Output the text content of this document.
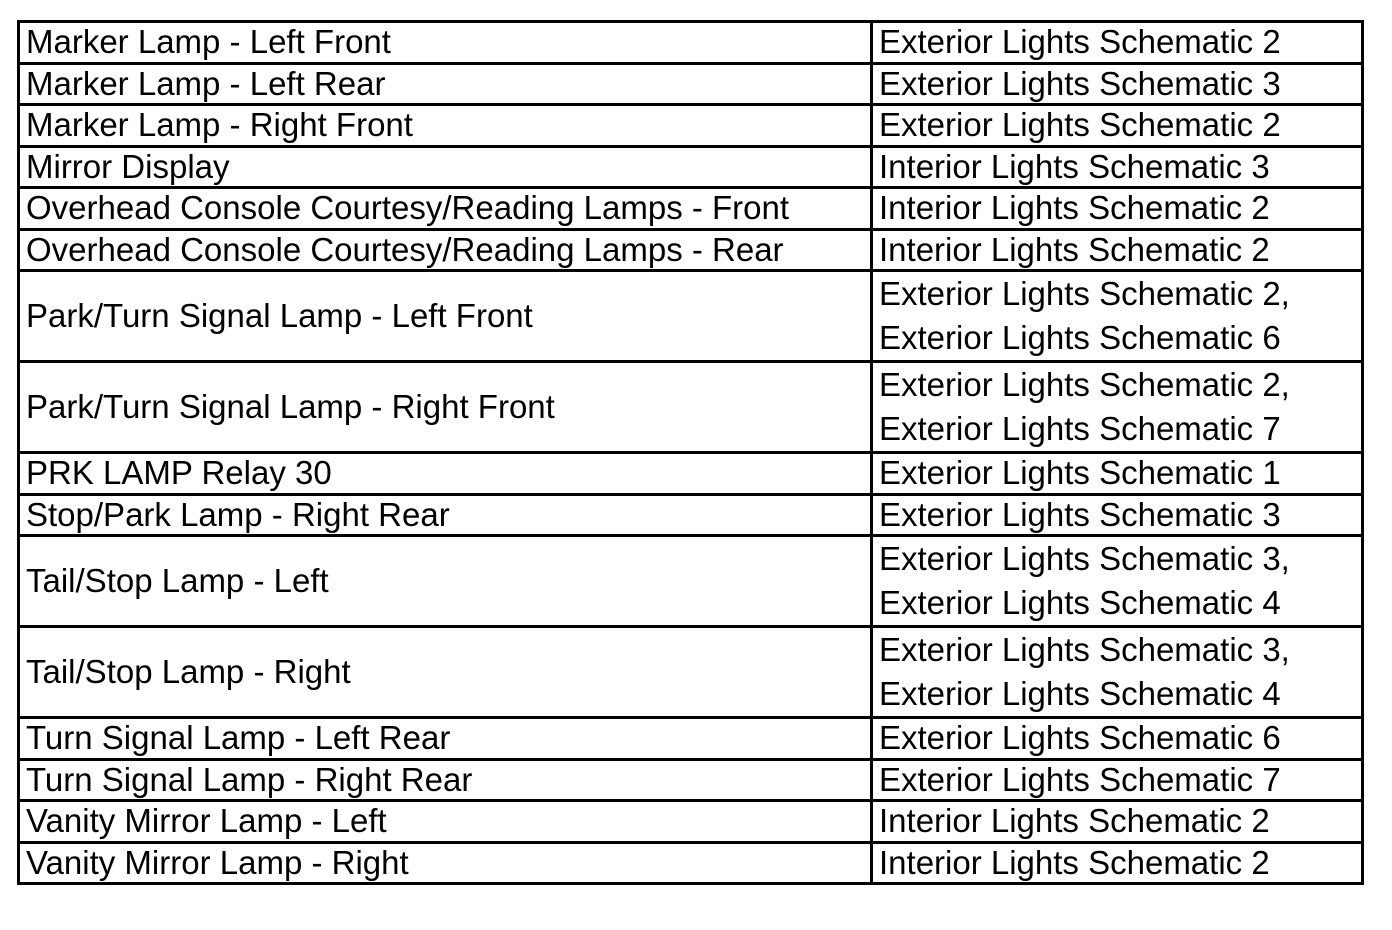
Marker Lamp - Left Front	Exterior Lights Schematic 2

Marker Lamp - Left Rear	Exterior Lights Schematic 3

Marker Lamp - Right Front	Exterior Lights Schematic 2

Mirror Display	Interior Lights Schematic 3

Overhead Console Courtesy/Reading Lamps - Front	Interior Lights Schematic 2

Overhead Console Courtesy/Reading Lamps - Rear	Interior Lights Schematic 2

Park/Turn Signal Lamp - Left Front	Exterior Lights Schematic 2,
Exterior Lights Schematic 6

Park/Turn Signal Lamp - Right Front	Exterior Lights Schematic 2,
Exterior Lights Schematic 7

PRK LAMP Relay 30	Exterior Lights Schematic 1

Stop/Park Lamp - Right Rear	Exterior Lights Schematic 3

Tail/Stop Lamp - Left	Exterior Lights Schematic 3,
Exterior Lights Schematic 4

Tail/Stop Lamp - Right	Exterior Lights Schematic 3,
Exterior Lights Schematic 4

Turn Signal Lamp - Left Rear	Exterior Lights Schematic 6

Turn Signal Lamp - Right Rear	Exterior Lights Schematic 7

Vanity Mirror Lamp - Left	Interior Lights Schematic 2

Vanity Mirror Lamp - Right	Interior Lights Schematic 2
